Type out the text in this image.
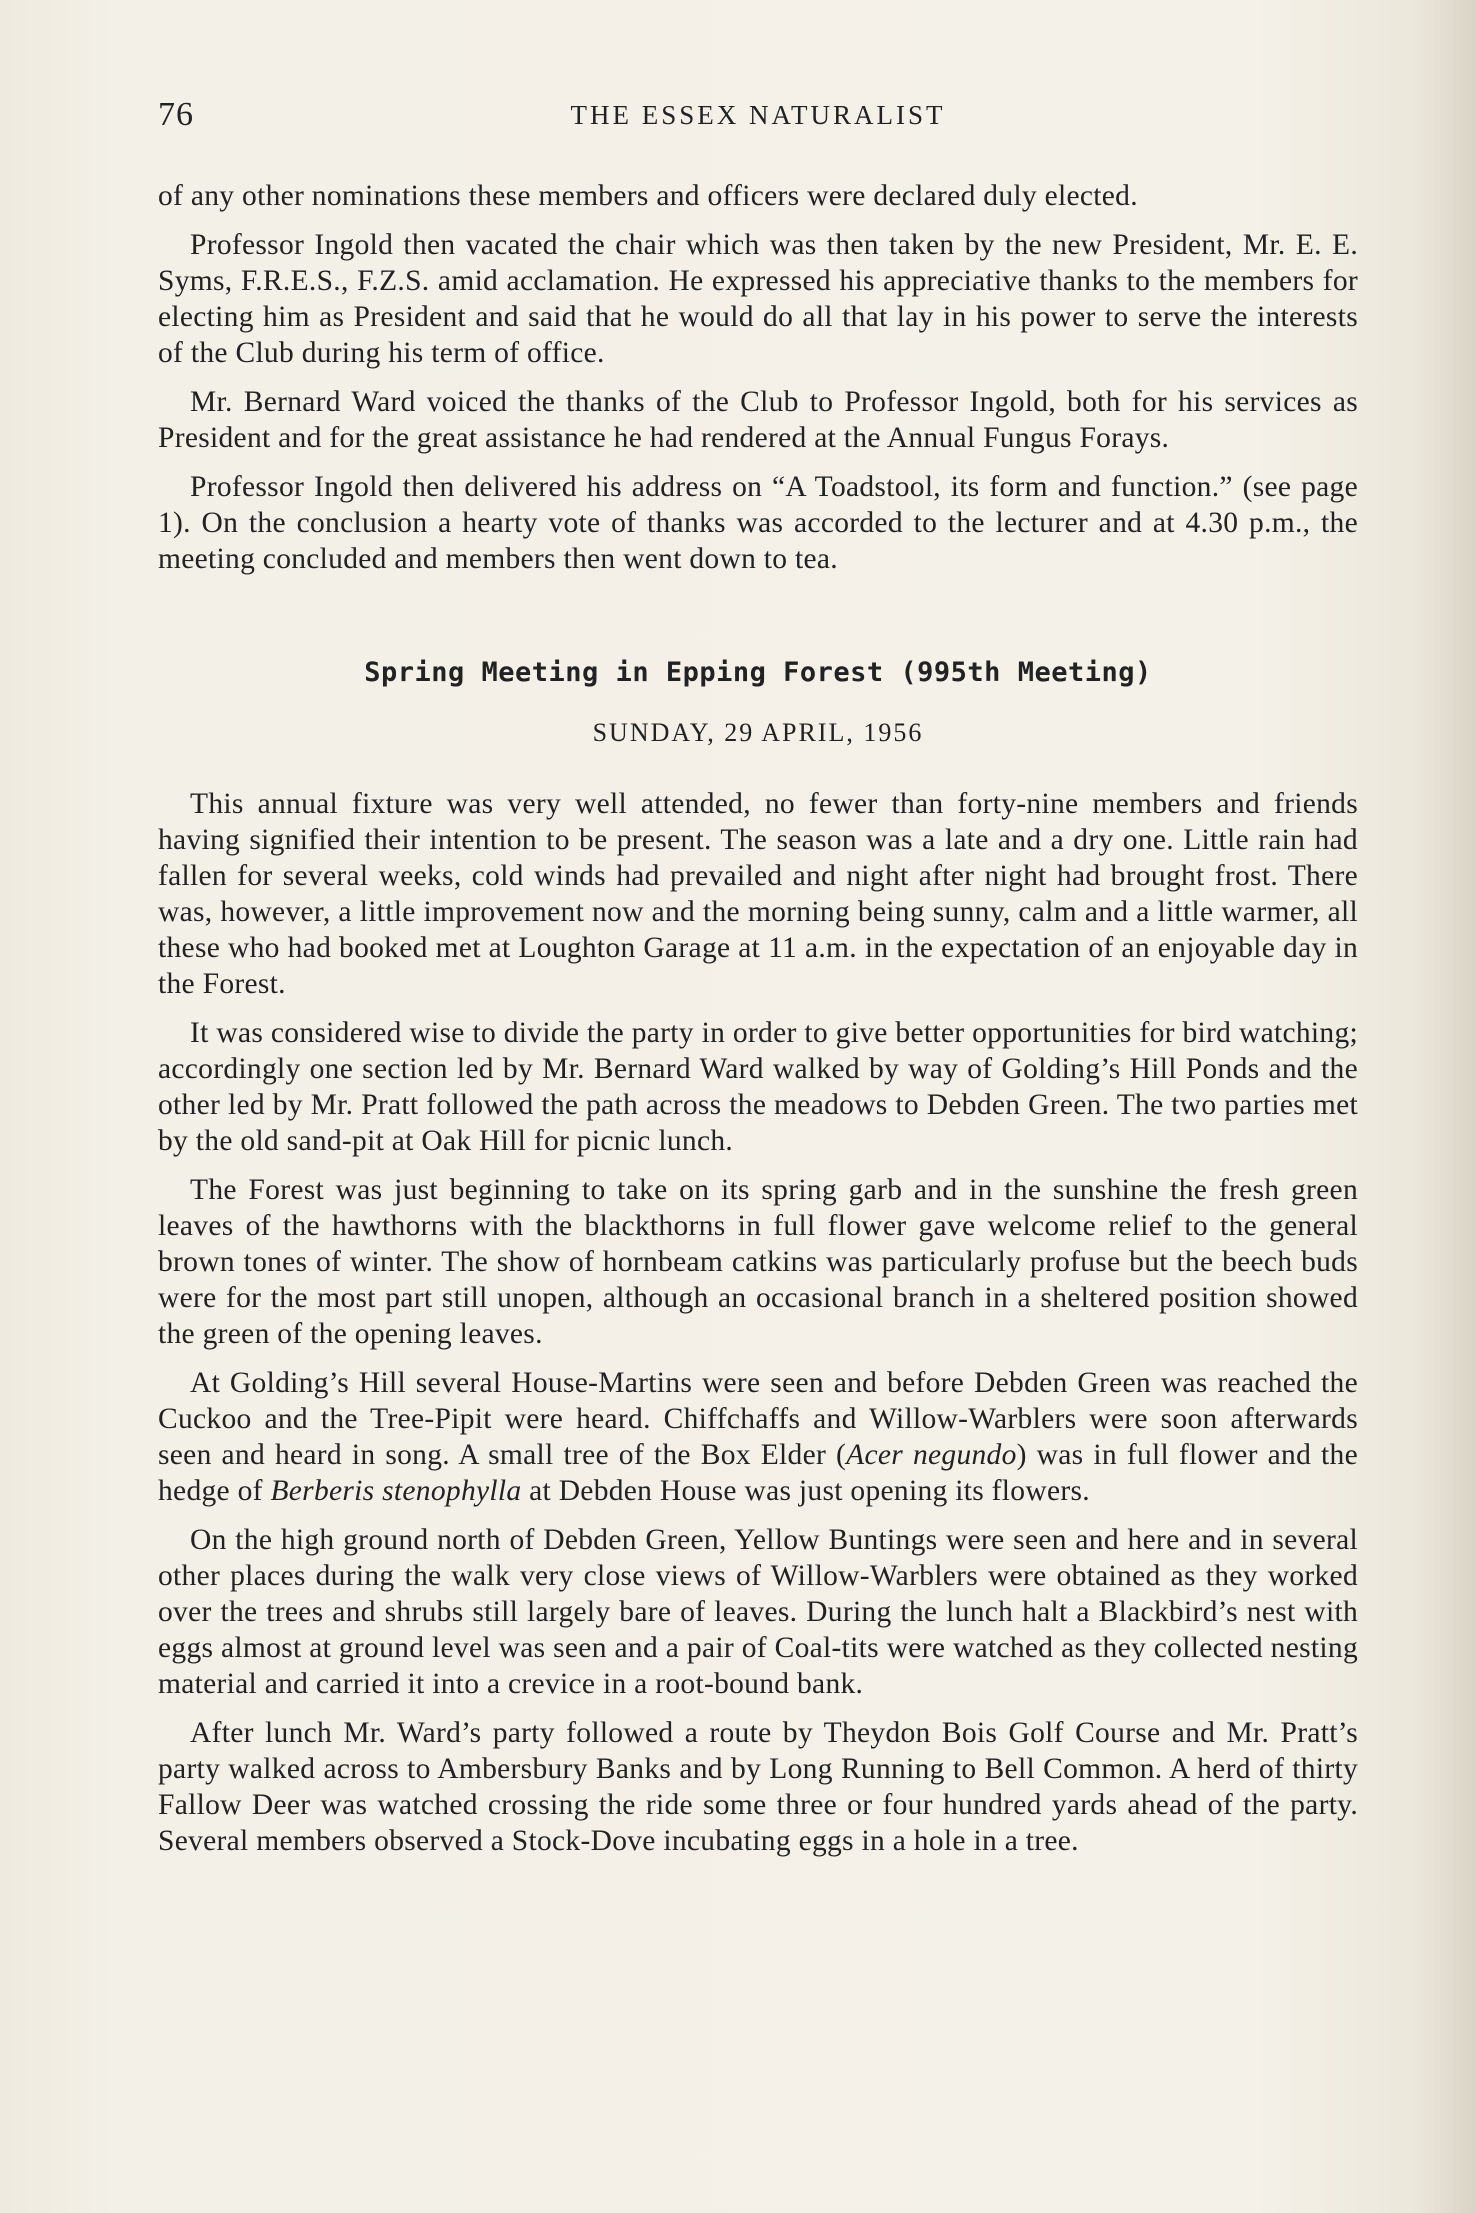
76	THE ESSEX NATURALIST

of any other nominations these members and officers were declared duly elected.

Professor Ingold then vacated the chair which was then taken by the new President, Mr. E. E. Syms, F.R.E.S., F.Z.S. amid acclamation. He expressed his appreciative thanks to the members for electing him as President and said that he would do all that lay in his power to serve the interests of the Club during his term of office.

Mr. Bernard Ward voiced the thanks of the Club to Professor Ingold, both for his services as President and for the great assistance he had rendered at the Annual Fungus Forays.

Professor Ingold then delivered his address on “A Toadstool, its form and function.” (see page 1). On the conclusion a hearty vote of thanks was accorded to the lecturer and at 4.30 p.m., the meeting concluded and members then went down to tea.

Spring Meeting in Epping Forest (995th Meeting)
SUNDAY, 29 APRIL, 1956

This annual fixture was very well attended, no fewer than forty-nine members and friends having signified their intention to be present. The season was a late and a dry one. Little rain had fallen for several weeks, cold winds had prevailed and night after night had brought frost. There was, however, a little improvement now and the morning being sunny, calm and a little warmer, all these who had booked met at Loughton Garage at 11 a.m. in the expectation of an enjoyable day in the Forest.

It was considered wise to divide the party in order to give better opportunities for bird watching; accordingly one section led by Mr. Bernard Ward walked by way of Golding’s Hill Ponds and the other led by Mr. Pratt followed the path across the meadows to Debden Green. The two parties met by the old sand-pit at Oak Hill for picnic lunch.

The Forest was just beginning to take on its spring garb and in the sunshine the fresh green leaves of the hawthorns with the blackthorns in full flower gave welcome relief to the general brown tones of winter. The show of hornbeam catkins was particularly profuse but the beech buds were for the most part still unopen, although an occasional branch in a sheltered position showed the green of the opening leaves.

At Golding’s Hill several House-Martins were seen and before Debden Green was reached the Cuckoo and the Tree-Pipit were heard. Chiffchaffs and Willow-Warblers were soon afterwards seen and heard in song. A small tree of the Box Elder (Acer negundo) was in full flower and the hedge of Berberis stenophylla at Debden House was just opening its flowers.

On the high ground north of Debden Green, Yellow Buntings were seen and here and in several other places during the walk very close views of Willow-Warblers were obtained as they worked over the trees and shrubs still largely bare of leaves. During the lunch halt a Blackbird’s nest with eggs almost at ground level was seen and a pair of Coal-tits were watched as they collected nesting material and carried it into a crevice in a root-bound bank.

After lunch Mr. Ward’s party followed a route by Theydon Bois Golf Course and Mr. Pratt’s party walked across to Ambersbury Banks and by Long Running to Bell Common. A herd of thirty Fallow Deer was watched crossing the ride some three or four hundred yards ahead of the party. Several members observed a Stock-Dove incubating eggs in a hole in a tree.
